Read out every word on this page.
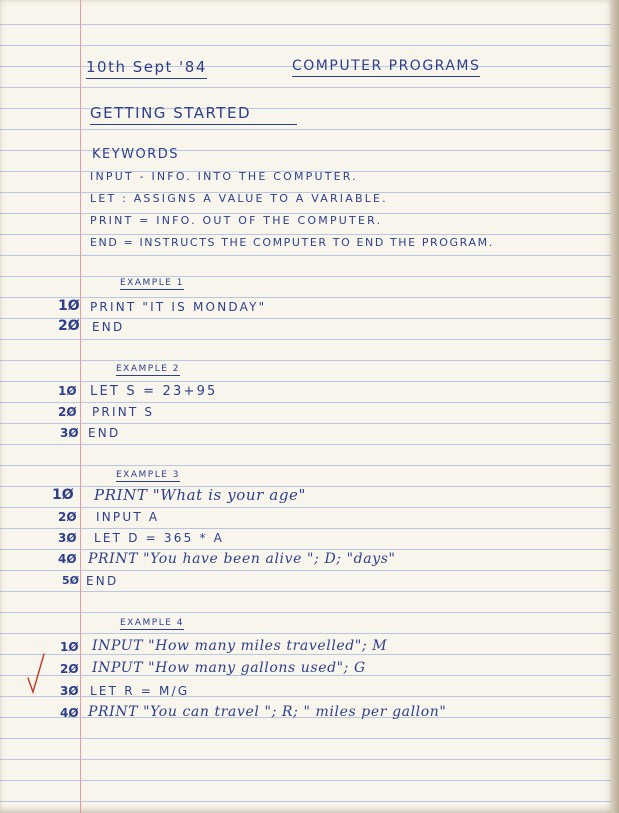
10th Sept '84	COMPUTER PROGRAMS
GETTING STARTED
KEYWORDS
INPUT - INFO. INTO THE COMPUTER.
LET : ASSIGNS A VALUE TO A VARIABLE.
PRINT = INFO. OUT OF THE COMPUTER.
END = INSTRUCTS THE COMPUTER TO END THE PROGRAM.
EXAMPLE 1
1Ø PRINT "IT IS MONDAY"
2Ø END
EXAMPLE 2
1Ø LET S = 23+95
2Ø PRINT S
3Ø END
EXAMPLE 3
1Ø PRINT "What is your age"
2Ø INPUT A
3Ø LET D = 365 * A
4Ø PRINT "You have been alive "; D; "days"
5Ø END
EXAMPLE 4
1Ø INPUT "How many miles travelled"; M
2Ø INPUT "How many gallons used"; G
3Ø LET R = M/G
4Ø PRINT "You can travel "; R; " miles per gallon"
